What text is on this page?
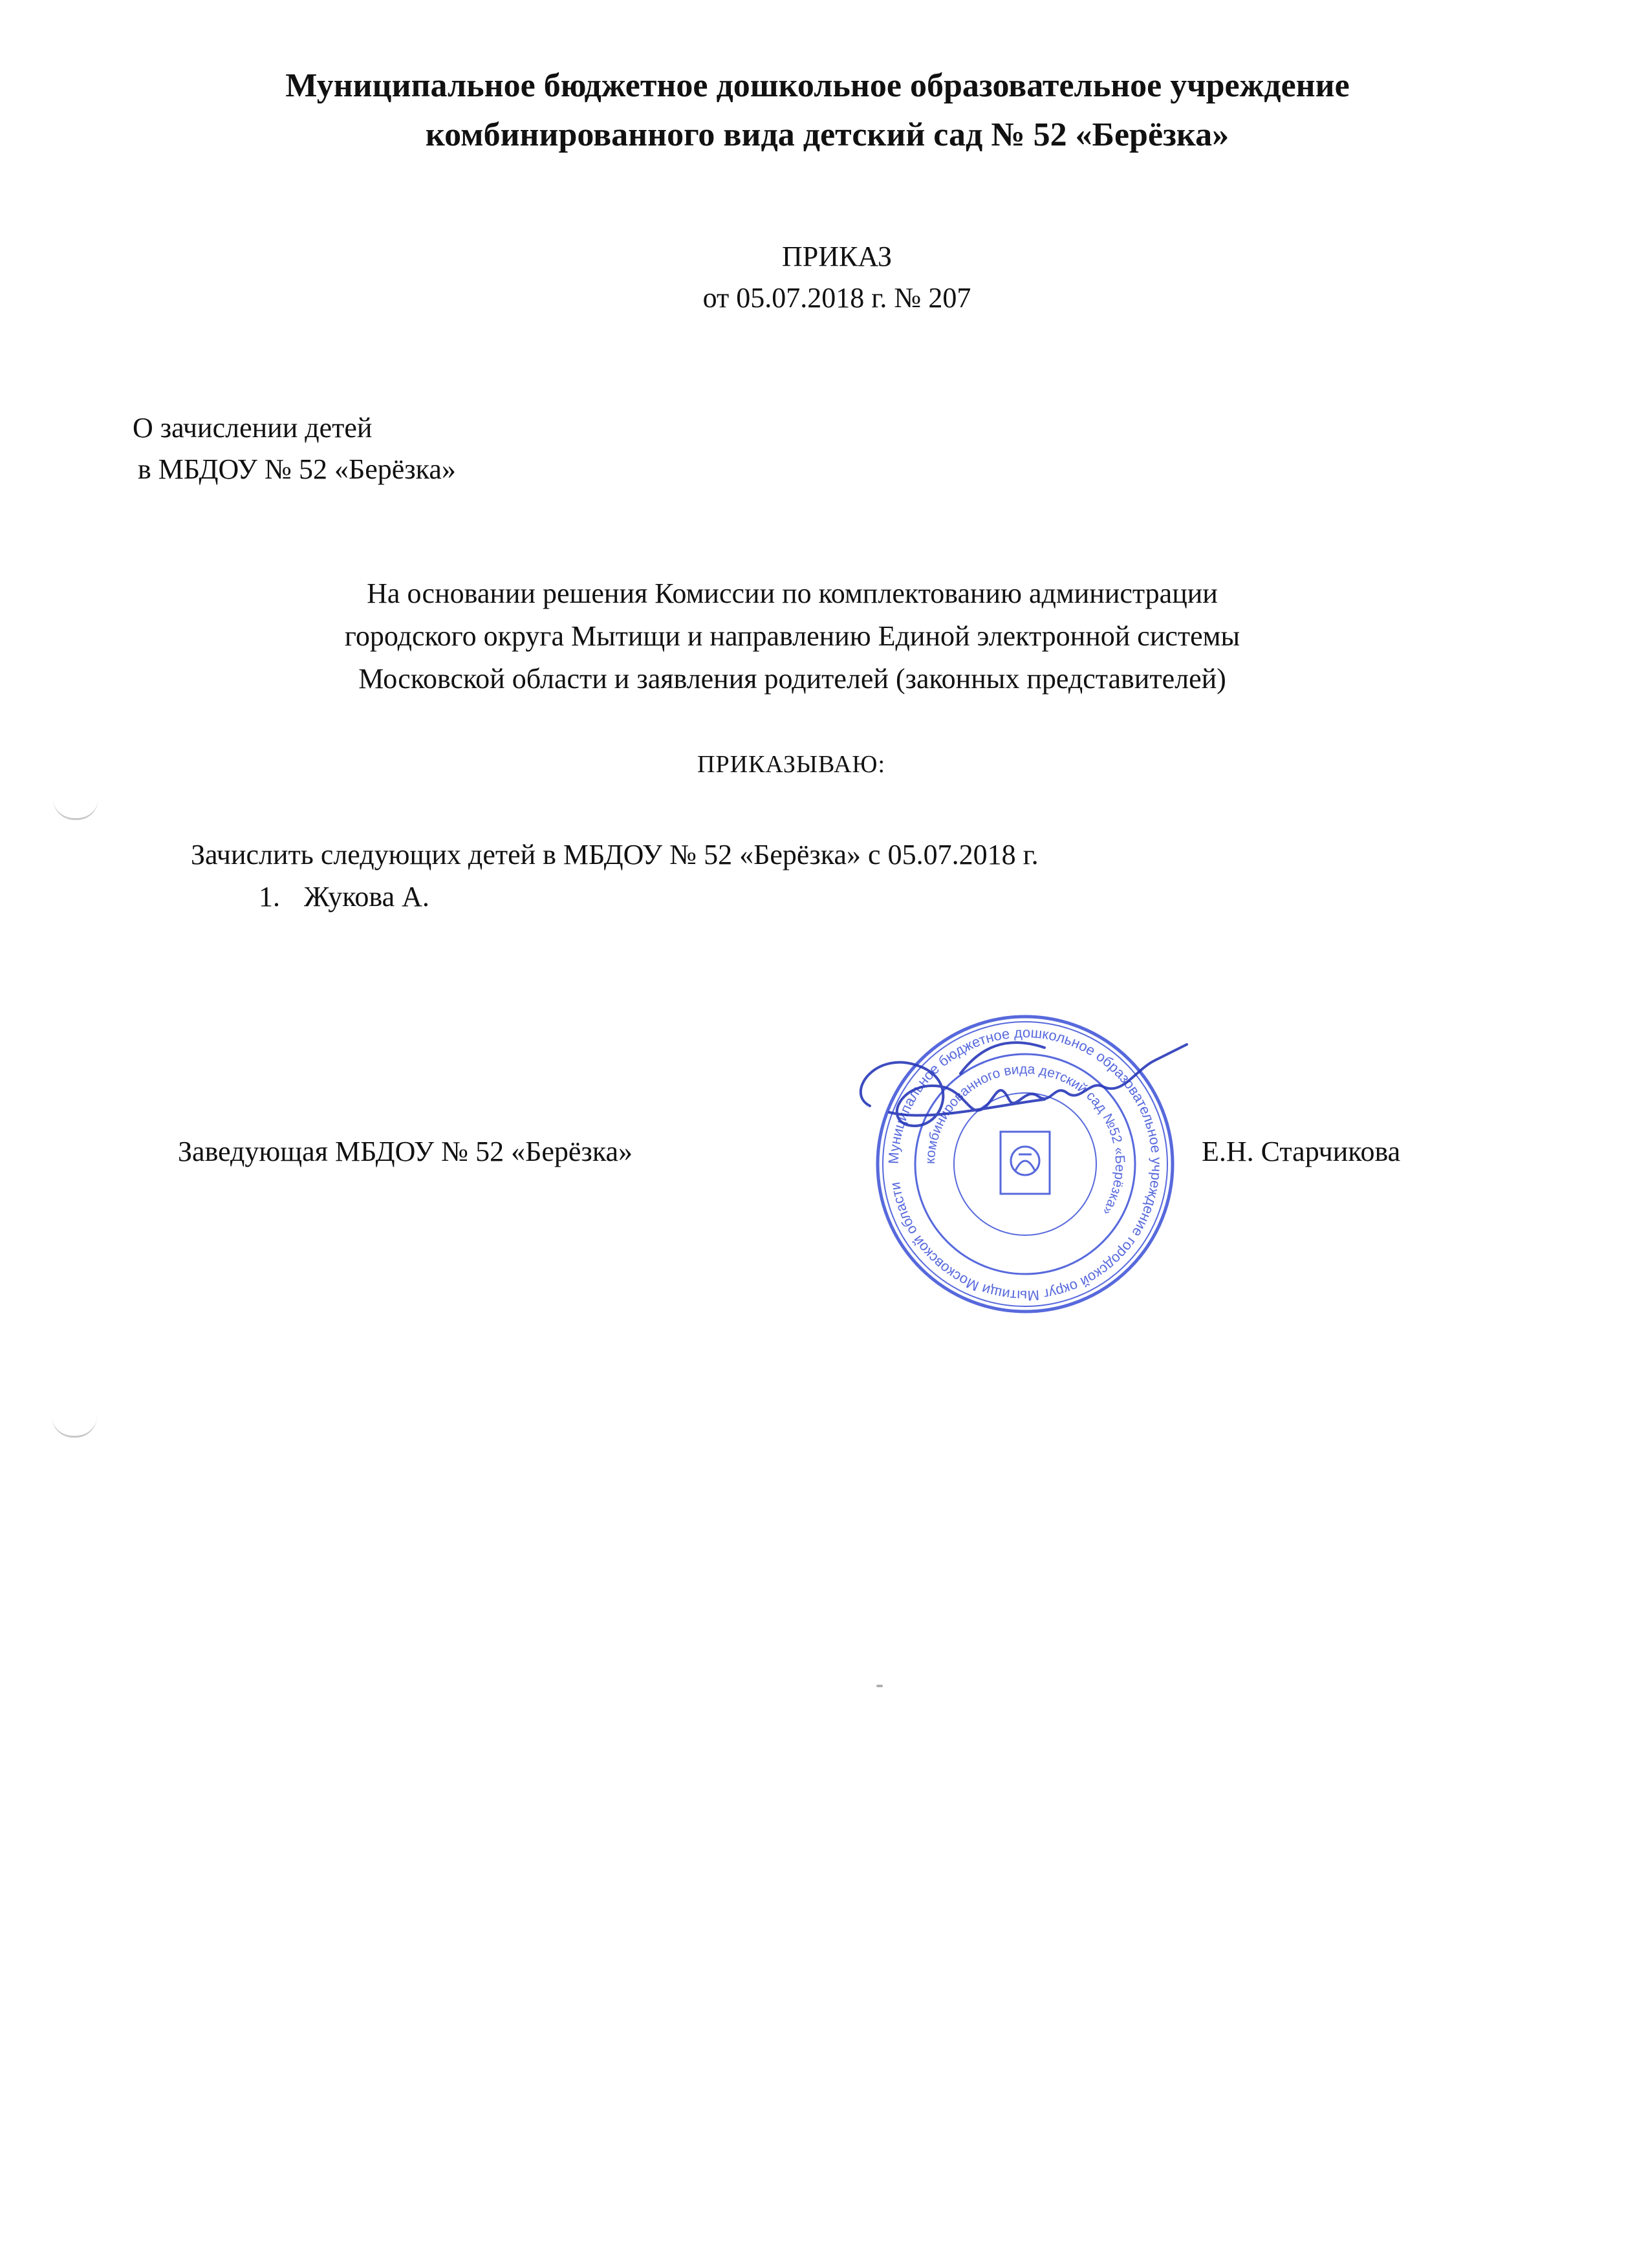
Муниципальное бюджетное дошкольное образовательное учреждение
комбинированного вида детский сад № 52 «Берёзка»
ПРИКАЗ
от 05.07.2018 г. № 207
О зачислении детей
в МБДОУ № 52 «Берёзка»
На основании решения Комиссии по комплектованию администрации
городского округа Мытищи и направлению Единой электронной системы
Московской области и заявления родителей (законных представителей)
ПРИКАЗЫВАЮ:
Зачислить следующих детей в МБДОУ № 52 «Берёзка» с 05.07.2018 г.
1. Жукова А.
Заведующая МБДОУ № 52 «Берёзка»	Е.Н. Старчикова
Муниципальное бюджетное дошкольное образовательное учреждение городской округ Мытищи Московской области
комбинированного вида детский сад №52 «Берёзка»
